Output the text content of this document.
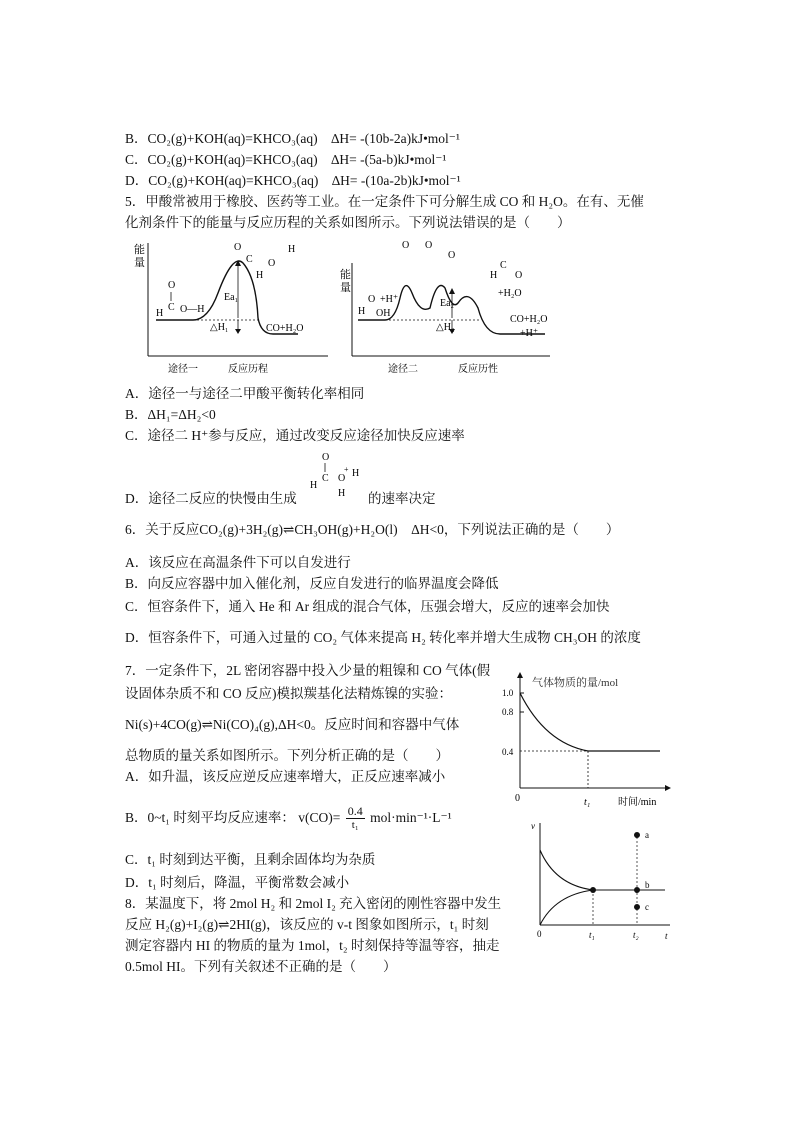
B．CO₂(g)+KOH(aq)=KHCO₃(aq)　∆H= -(10b-2a)kJ•mol⁻¹
C．CO₂(g)+KOH(aq)=KHCO₃(aq)　∆H= -(5a-b)kJ•mol⁻¹
D．CO₂(g)+KOH(aq)=KHCO₃(aq)　∆H= -(10a-2b)kJ•mol⁻¹
5．甲酸常被用于橡胶、医药等工业。在一定条件下可分解生成 CO 和 H₂O。在有、无催
化剂条件下的能量与反应历程的关系如图所示。下列说法错误的是（　　）
能
量
Ea₁
△H₁	CO+H₂O
O
C
H O—H
O
C O
H
H
途径一	反应历程
能
量
Ea₂
△H₂
CO+H₂O
+H⁺
+H₂O
O O
O
H
C
O
O +H⁺
H OH
途径二	反应历性
A．途径一与途径二甲酸平衡转化率相同
B．ΔH₁=ΔH₂<0
C．途径二 H⁺参与反应，通过改变反应途径加快反应速率
O
C
H
O
+ H
H
D．途径二反应的快慢由生成	的速率决定
6．关于反应CO₂(g)+3H₂(g)⇌CH₃OH(g)+H₂O(l)　ΔH<0，下列说法正确的是（　　）
A．该反应在高温条件下可以自发进行
B．向反应容器中加入催化剂，反应自发进行的临界温度会降低
C．恒容条件下，通入 He 和 Ar 组成的混合气体，压强会增大，反应的速率会加快
D．恒容条件下，可通入过量的 CO₂ 气体来提高 H₂ 转化率并增大生成物 CH₃OH 的浓度
7．一定条件下，2L 密闭容器中投入少量的粗镍和 CO 气体(假
设固体杂质不和 CO 反应)模拟羰基化法精炼镍的实验：
Ni(s)+4CO(g)⇌Ni(CO)₄(g),ΔH<0。反应时间和容器中气体
总物质的量关系如图所示。下列分析正确的是（　　）
A．如升温，该反应逆反应速率增大，正反应速率减小
B．0~t₁ 时刻平均反应速率： $v(CO)= \frac{0.4}{\text{t₁}} mol\cdot\min^{-1}\cdot L^{-1}$
C．t₁ 时刻到达平衡，且剩余固体均为杂质
D．t₁ 时刻后，降温，平衡常数会减小
气体物质的量/mol
1.0
0.8
0.4
0	t₁	时间/min
v
t
a
b
c
0	t₁	t₂
8．某温度下，将 2mol H₂ 和 2mol I₂ 充入密闭的刚性容器中发生
反应 H₂(g)+I₂(g)⇌2HI(g)，该反应的 v-t 图象如图所示，t₁ 时刻
测定容器内 HI 的物质的量为 1mol，t₂ 时刻保持等温等容，抽走
0.5mol HI。下列有关叙述不正确的是（　　）
